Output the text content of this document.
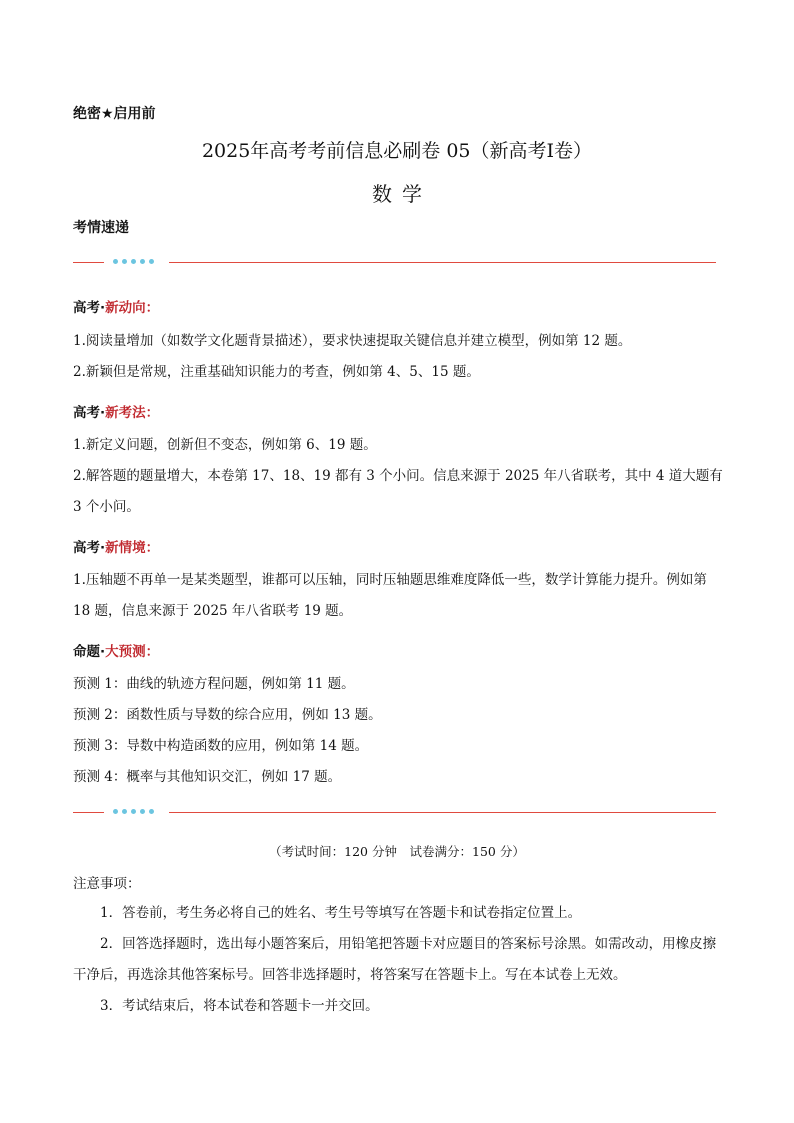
绝密★启用前
2025年高考考前信息必刷卷 05（新高考Ⅰ卷）
数学
考情速递
高考·新动向：

1.阅读量增加（如数学文化题背景描述），要求快速提取关键信息并建立模型，例如第 12 题。

2.新颖但是常规，注重基础知识能力的考查，例如第 4、5、15 题。

高考·新考法：

1.新定义问题，创新但不变态，例如第 6、19 题。

2.解答题的题量增大，本卷第 17、18、19 都有 3 个小问。信息来源于 2025 年八省联考，其中 4 道大题有 3 个小问。

高考·新情境：

1.压轴题不再单一是某类题型，谁都可以压轴，同时压轴题思维难度降低一些，数学计算能力提升。例如第 18 题，信息来源于 2025 年八省联考 19 题。

命题·大预测：

预测 1：曲线的轨迹方程问题，例如第 11 题。

预测 2：函数性质与导数的综合应用，例如 13 题。

预测 3：导数中构造函数的应用，例如第 14 题。

预测 4：概率与其他知识交汇，例如 17 题。

（考试时间：120 分钟　试卷满分：150 分）
注意事项：

1．答卷前，考生务必将自己的姓名、考生号等填写在答题卡和试卷指定位置上。

2．回答选择题时，选出每小题答案后，用铅笔把答题卡对应题目的答案标号涂黑。如需改动，用橡皮擦干净后，再选涂其他答案标号。回答非选择题时，将答案写在答题卡上。写在本试卷上无效。

3．考试结束后，将本试卷和答题卡一并交回。
